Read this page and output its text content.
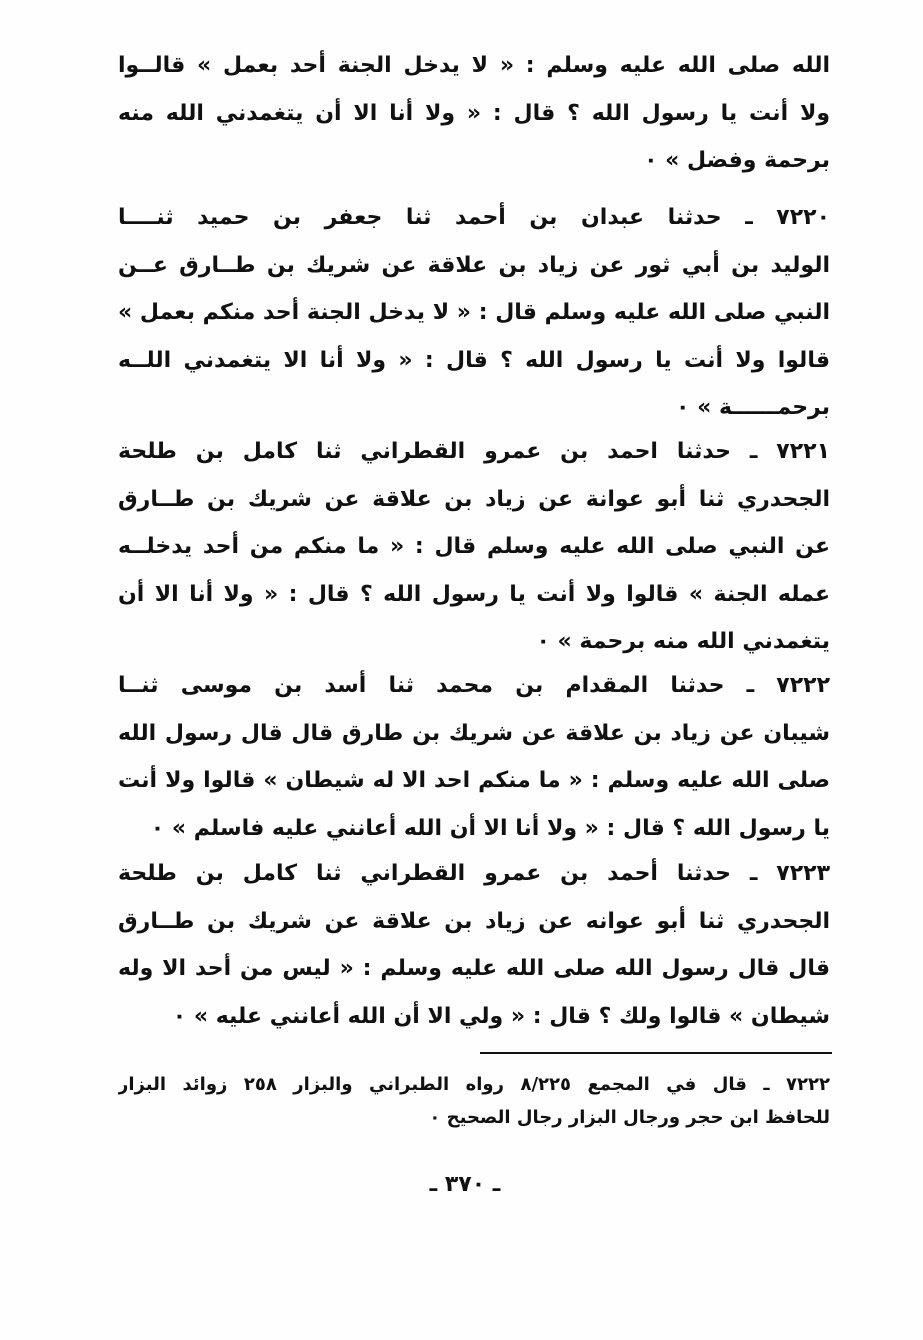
الله صلى الله عليه وسلم : « لا يدخل الجنة أحد بعمل » قالــوا
ولا أنت يا رسول الله ؟ قال : « ولا أنا الا أن يتغمدني الله منه
برحمة وفضل » ٠
٧٢٢٠ ـ حدثنا عبدان بن أحمد ثنا جعفر بن حميد ثنــــا
الوليد بن أبي ثور عن زياد بن علاقة عن شريك بن طــارق عــن
النبي صلى الله عليه وسلم قال : « لا يدخل الجنة أحد منكم بعمل »
قالوا ولا أنت يا رسول الله ؟ قال : « ولا أنا الا يتغمدني اللــه
برحمــــــة » ٠
٧٢٢١ ـ حدثنا احمد بن عمرو القطراني ثنا كامل بن طلحة
الجحدري ثنا أبو عوانة عن زياد بن علاقة عن شريك بن طــارق
عن النبي صلى الله عليه وسلم قال : « ما منكم من أحد يدخلــه
عمله الجنة » قالوا ولا أنت يا رسول الله ؟ قال : « ولا أنا الا أن
يتغمدني الله منه برحمة » ٠
٧٢٢٢ ـ حدثنا المقدام بن محمد ثنا أسد بن موسى ثنــا
شيبان عن زياد بن علاقة عن شريك بن طارق قال قال رسول الله
صلى الله عليه وسلم : « ما منكم احد الا له شيطان » قالوا ولا أنت
يا رسول الله ؟ قال : « ولا أنا الا أن الله أعانني عليه فاسلم » ٠
٧٢٢٣ ـ حدثنا أحمد بن عمرو القطراني ثنا كامل بن طلحة
الجحدري ثنا أبو عوانه عن زياد بن علاقة عن شريك بن طــارق
قال قال رسول الله صلى الله عليه وسلم : « ليس من أحد الا وله
شيطان » قالوا ولك ؟ قال : « ولي الا أن الله أعانني عليه » ٠
٧٢٢٢ ـ قال في المجمع ٨/٢٢٥ رواه الطبراني والبزار ٢٥٨ زوائد البزار
للحافظ ابن حجر ورجال البزار رجال الصحيح ٠
ـ ٣٧٠ ـ
